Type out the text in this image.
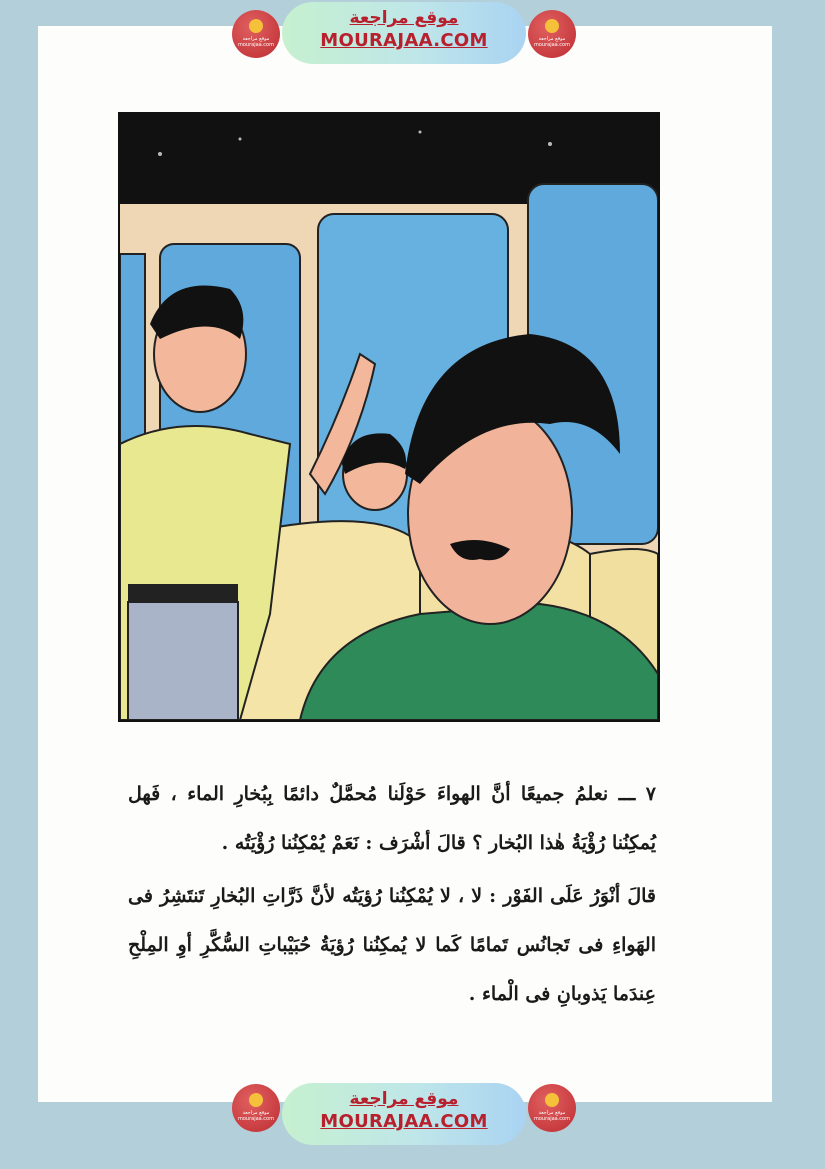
موقع مراجعة
mourajaa.com
موقع مراجعة
MOURAJAA.COM	موقع مراجعة
mourajaa.com

٧ ـــ نعلمُ جميعًا أنَّ الهواءَ حَوْلَنا مُحمَّلٌ دائمًا بِبُخارِ الماء ، فَهل يُمكِنُنا رُؤْيَةُ هٰذا البُخار ؟ قالَ أشْرَف : نَعَمْ يُمْكِنُنا رُؤْيَتُه .

قالَ أنْوَرُ عَلَى الفَوْر : لا ، لا يُمْكِنُنا رُؤيَتُه لأنَّ ذَرَّاتِ البُخارِ تَنتَشِرُ فى الهَواءِ فى تَجانُس تَمامًا كَما لا يُمكِنُنا رُؤيَةُ حُبَيْباتِ السُّكَّرِ أوِ المِلْحِ عِندَما يَذوبانِ فى الْماء .

موقع مراجعة
mourajaa.com
موقع مراجعة
MOURAJAA.COM	موقع مراجعة
mourajaa.com
